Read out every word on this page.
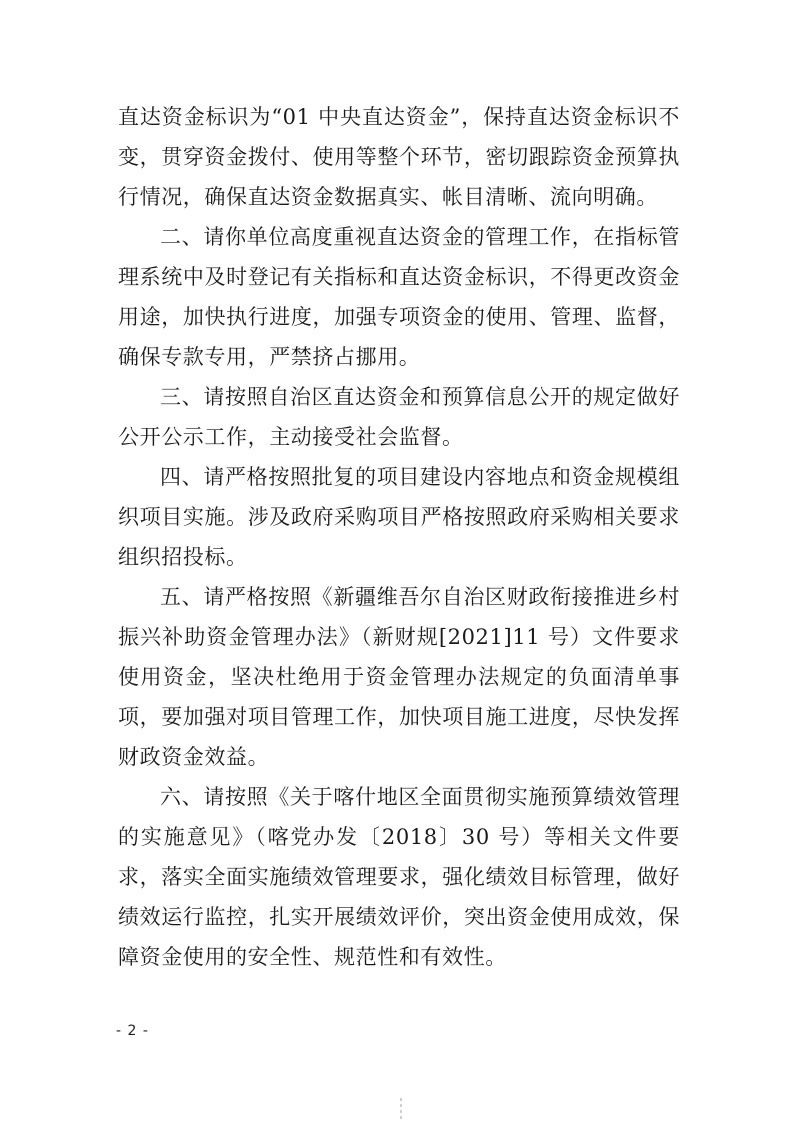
直达资金标识为“01 中央直达资金”，保持直达资金标识不变，贯穿资金拨付、使用等整个环节，密切跟踪资金预算执行情况，确保直达资金数据真实、帐目清晰、流向明确。

二、请你单位高度重视直达资金的管理工作，在指标管理系统中及时登记有关指标和直达资金标识，不得更改资金用途，加快执行进度，加强专项资金的使用、管理、监督，确保专款专用，严禁挤占挪用。

三、请按照自治区直达资金和预算信息公开的规定做好公开公示工作，主动接受社会监督。

四、请严格按照批复的项目建设内容地点和资金规模组织项目实施。涉及政府采购项目严格按照政府采购相关要求组织招投标。

五、请严格按照《新疆维吾尔自治区财政衔接推进乡村振兴补助资金管理办法》（新财规[2021]11 号）文件要求使用资金，坚决杜绝用于资金管理办法规定的负面清单事项，要加强对项目管理工作，加快项目施工进度，尽快发挥财政资金效益。

六、请按照《关于喀什地区全面贯彻实施预算绩效管理的实施意见》（喀党办发〔2018〕30 号）等相关文件要求，落实全面实施绩效管理要求，强化绩效目标管理，做好绩效运行监控，扎实开展绩效评价，突出资金使用成效，保障资金使用的安全性、规范性和有效性。

- 2 -
